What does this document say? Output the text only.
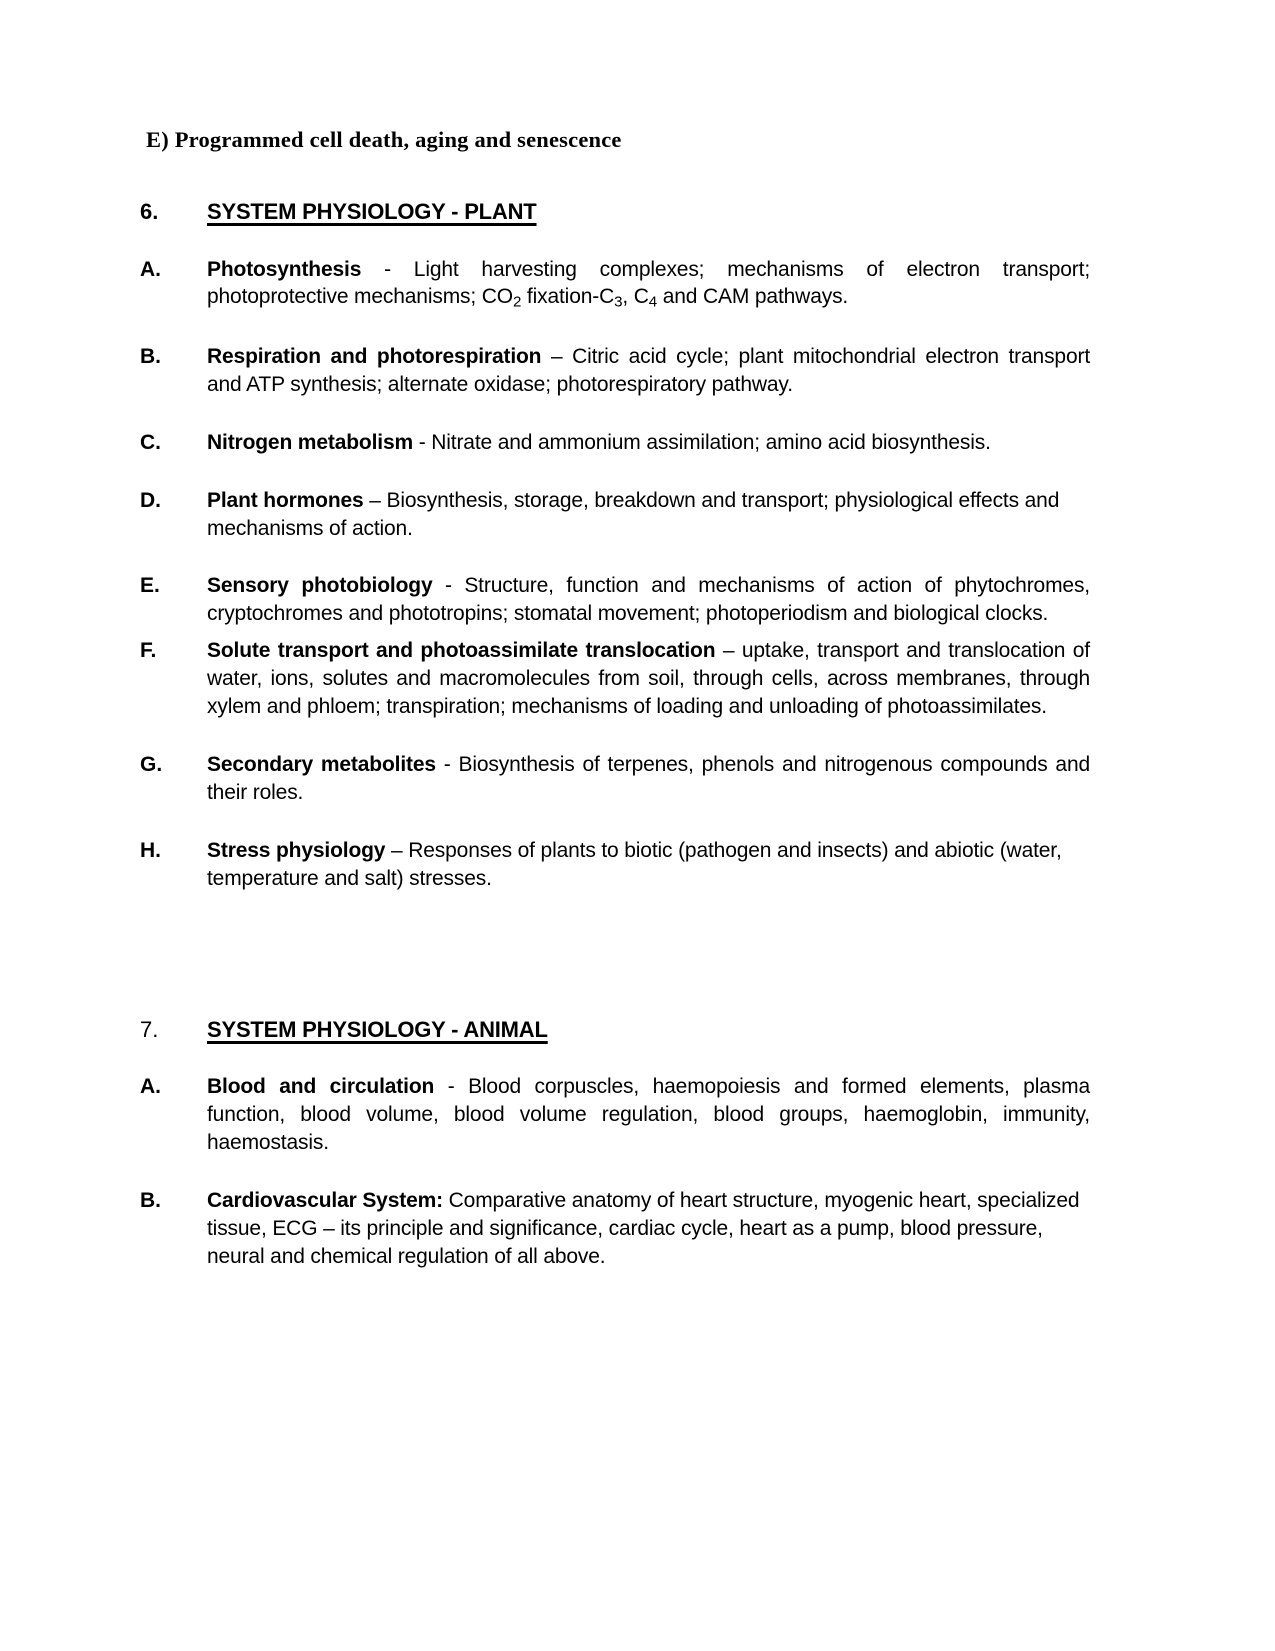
E) Programmed cell death, aging and senescence

6.	SYSTEM PHYSIOLOGY - PLANT
A.	Photosynthesis - Light harvesting complexes; mechanisms of electron transport; photoprotective mechanisms; $CO_2$ fixation-$C_3$, $C_4$ and CAM pathways.
B.	Respiration and photorespiration – Citric acid cycle; plant mitochondrial electron transport and ATP synthesis; alternate oxidase; photorespiratory pathway.
C.	Nitrogen metabolism - Nitrate and ammonium assimilation; amino acid biosynthesis.
D.	Plant hormones – Biosynthesis, storage, breakdown and transport; physiological effects and mechanisms of action.
E.	Sensory photobiology - Structure, function and mechanisms of action of phytochromes, cryptochromes and phototropins; stomatal movement; photoperiodism and biological clocks.
F.	Solute transport and photoassimilate translocation – uptake, transport and translocation of water, ions, solutes and macromolecules from soil, through cells, across membranes, through xylem and phloem; transpiration; mechanisms of loading and unloading of photoassimilates.
G.	Secondary metabolites - Biosynthesis of terpenes, phenols and nitrogenous compounds and their roles.
H.	Stress physiology – Responses of plants to biotic (pathogen and insects) and abiotic (water, temperature and salt) stresses.
7.	SYSTEM PHYSIOLOGY - ANIMAL
A.	Blood and circulation - Blood corpuscles, haemopoiesis and formed elements, plasma function, blood volume, blood volume regulation, blood groups, haemoglobin, immunity, haemostasis.
B.	Cardiovascular System: Comparative anatomy of heart structure, myogenic heart, specialized tissue, ECG – its principle and significance, cardiac cycle, heart as a pump, blood pressure, neural and chemical regulation of all above.
